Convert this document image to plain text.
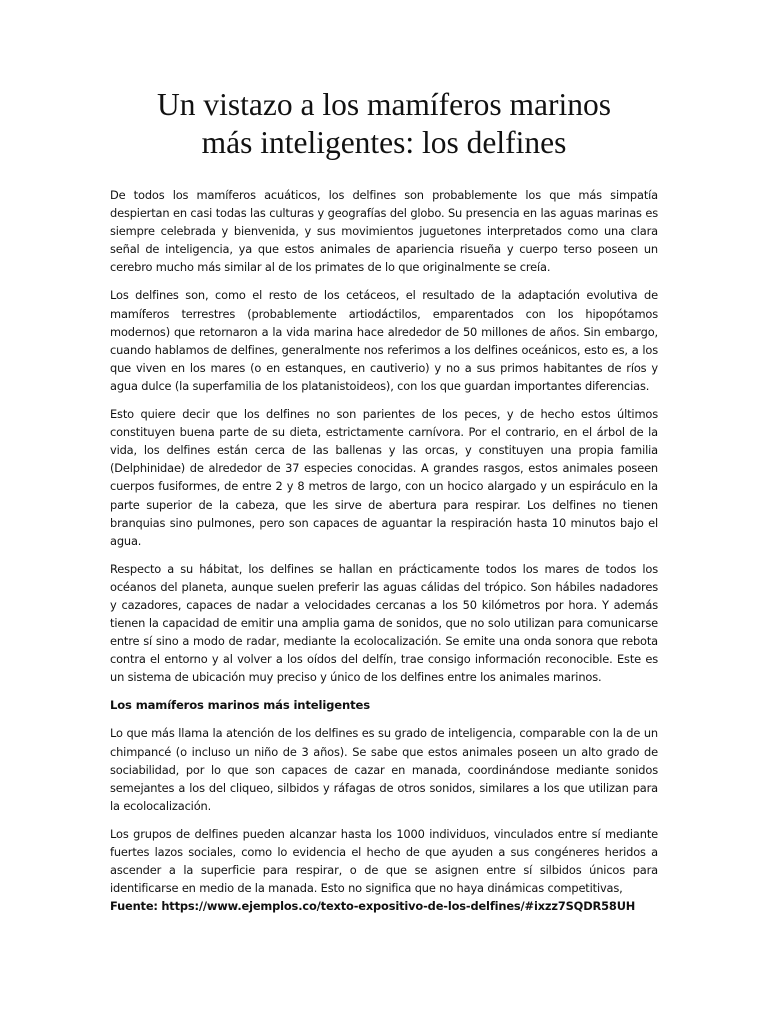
Un vistazo a los mamíferos marinos
más inteligentes: los delfines

De todos los mamíferos acuáticos, los delfines son probablemente los que más simpatía despiertan en casi todas las culturas y geografías del globo. Su presencia en las aguas marinas es siempre celebrada y bienvenida, y sus movimientos juguetones interpretados como una clara señal de inteligencia, ya que estos animales de apariencia risueña y cuerpo terso poseen un cerebro mucho más similar al de los primates de lo que originalmente se creía.

Los delfines son, como el resto de los cetáceos, el resultado de la adaptación evolutiva de mamíferos terrestres (probablemente artiodáctilos, emparentados con los hipopótamos modernos) que retornaron a la vida marina hace alrededor de 50 millones de años. Sin embargo, cuando hablamos de delfines, generalmente nos referimos a los delfines oceánicos, esto es, a los que viven en los mares (o en estanques, en cautiverio) y no a sus primos habitantes de ríos y agua dulce (la superfamilia de los platanistoideos), con los que guardan importantes diferencias.

Esto quiere decir que los delfines no son parientes de los peces, y de hecho estos últimos constituyen buena parte de su dieta, estrictamente carnívora. Por el contrario, en el árbol de la vida, los delfines están cerca de las ballenas y las orcas, y constituyen una propia familia (Delphinidae) de alrededor de 37 especies conocidas. A grandes rasgos, estos animales poseen cuerpos fusiformes, de entre 2 y 8 metros de largo, con un hocico alargado y un espiráculo en la parte superior de la cabeza, que les sirve de abertura para respirar. Los delfines no tienen branquias sino pulmones, pero son capaces de aguantar la respiración hasta 10 minutos bajo el agua.

Respecto a su hábitat, los delfines se hallan en prácticamente todos los mares de todos los océanos del planeta, aunque suelen preferir las aguas cálidas del trópico. Son hábiles nadadores y cazadores, capaces de nadar a velocidades cercanas a los 50 kilómetros por hora. Y además tienen la capacidad de emitir una amplia gama de sonidos, que no solo utilizan para comunicarse entre sí sino a modo de radar, mediante la ecolocalización. Se emite una onda sonora que rebota contra el entorno y al volver a los oídos del delfín, trae consigo información reconocible. Este es un sistema de ubicación muy preciso y único de los delfines entre los animales marinos.

Los mamíferos marinos más inteligentes

Lo que más llama la atención de los delfines es su grado de inteligencia, comparable con la de un chimpancé (o incluso un niño de 3 años). Se sabe que estos animales poseen un alto grado de sociabilidad, por lo que son capaces de cazar en manada, coordinándose mediante sonidos semejantes a los del cliqueo, silbidos y ráfagas de otros sonidos, similares a los que utilizan para la ecolocalización.

Los grupos de delfines pueden alcanzar hasta los 1000 individuos, vinculados entre sí mediante fuertes lazos sociales, como lo evidencia el hecho de que ayuden a sus congéneres heridos a ascender a la superficie para respirar, o de que se asignen entre sí silbidos únicos para identificarse en medio de la manada. Esto no significa que no haya dinámicas competitivas,
Fuente: https://www.ejemplos.co/texto-expositivo-de-los-delfines/#ixzz7SQDR58UH
